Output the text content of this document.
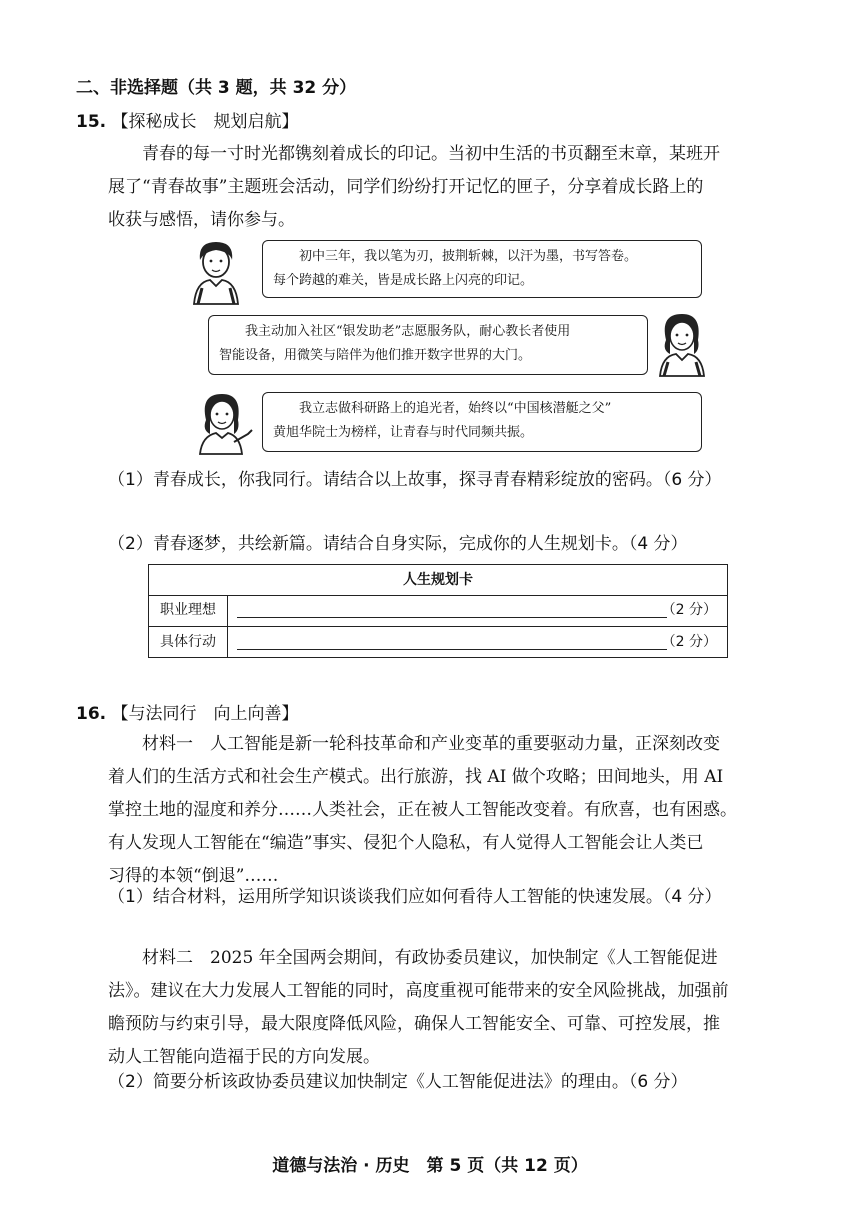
二、非选择题（共 3 题，共 32 分）
15. 【探秘成长　规划启航】
青春的每一寸时光都镌刻着成长的印记。当初中生活的书页翻至末章，某班开
展了“青春故事”主题班会活动，同学们纷纷打开记忆的匣子，分享着成长路上的
收获与感悟，请你参与。
初中三年，我以笔为刃，披荆斩棘，以汗为墨，书写答卷。
每个跨越的难关，皆是成长路上闪亮的印记。
我主动加入社区“银发助老”志愿服务队，耐心教长者使用
智能设备，用微笑与陪伴为他们推开数字世界的大门。
我立志做科研路上的追光者，始终以“中国核潜艇之父”
黄旭华院士为榜样，让青春与时代同频共振。
（1）青春成长，你我同行。请结合以上故事，探寻青春精彩绽放的密码。（6 分）
（2）青春逐梦，共绘新篇。请结合自身实际，完成你的人生规划卡。（4 分）
人生规划卡
职业理想	（2 分）
具体行动	（2 分）
16. 【与法同行　向上向善】
材料一　人工智能是新一轮科技革命和产业变革的重要驱动力量，正深刻改变
着人们的生活方式和社会生产模式。出行旅游，找 AI 做个攻略；田间地头，用 AI
掌控土地的湿度和养分……人类社会，正在被人工智能改变着。有欣喜，也有困惑。
有人发现人工智能在“编造”事实、侵犯个人隐私，有人觉得人工智能会让人类已
习得的本领“倒退”……
（1）结合材料，运用所学知识谈谈我们应如何看待人工智能的快速发展。（4 分）
材料二　2025 年全国两会期间，有政协委员建议，加快制定《人工智能促进
法》。建议在大力发展人工智能的同时，高度重视可能带来的安全风险挑战，加强前
瞻预防与约束引导，最大限度降低风险，确保人工智能安全、可靠、可控发展，推
动人工智能向造福于民的方向发展。
（2）简要分析该政协委员建议加快制定《人工智能促进法》的理由。（6 分）
道德与法治 · 历史　第 5 页（共 12 页）
